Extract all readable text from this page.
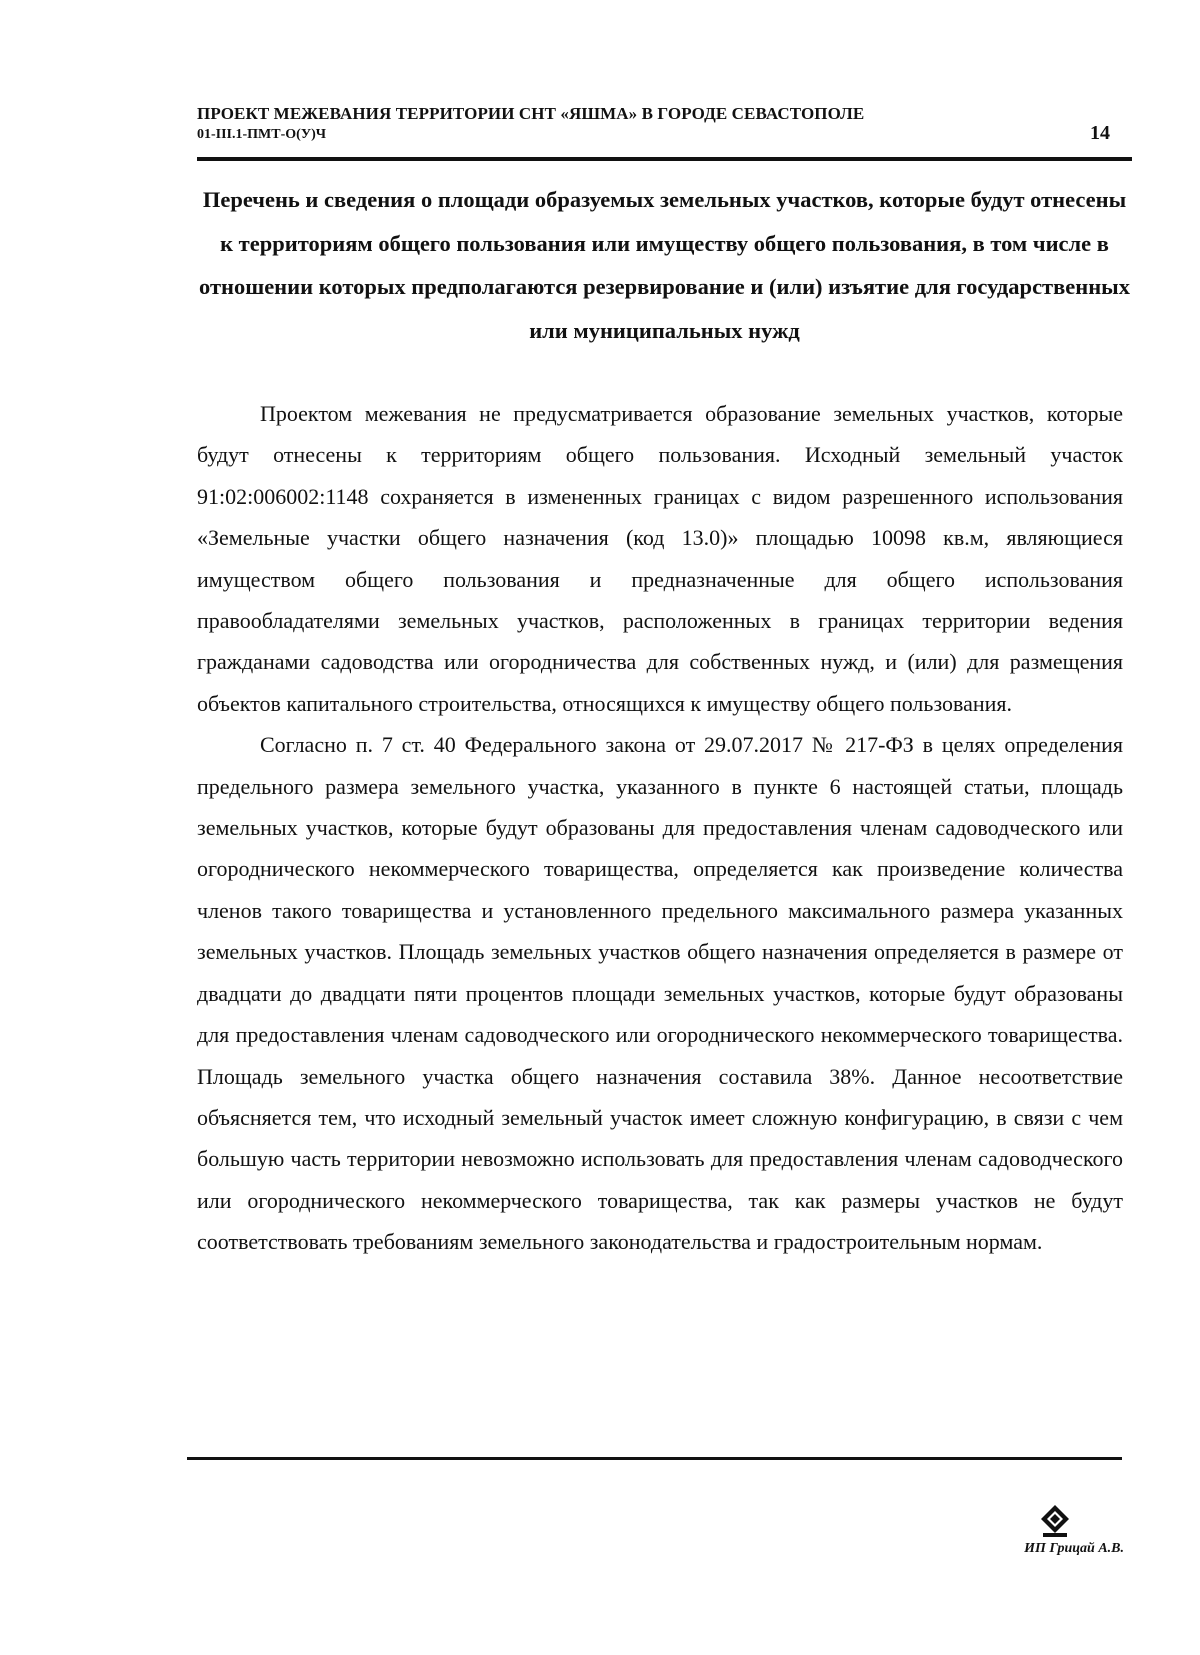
ПРОЕКТ МЕЖЕВАНИЯ ТЕРРИТОРИИ СНТ «ЯШМА» В ГОРОДЕ СЕВАСТОПОЛЕ
01-III.1-ПМТ-О(У)Ч	14
Перечень и сведения о площади образуемых земельных участков, которые будут отнесены к территориям общего пользования или имуществу общего пользования, в том числе в отношении которых предполагаются резервирование и (или) изъятие для государственных или муниципальных нужд

Проектом межевания не предусматривается образование земельных участков, которые будут отнесены к территориям общего пользования. Исходный земельный участок 91:02:006002:1148 сохраняется в измененных границах с видом разрешенного использования «Земельные участки общего назначения (код 13.0)» площадью 10098 кв.м, являющиеся имуществом общего пользования и предназначенные для общего использования правообладателями земельных участков, расположенных в границах территории ведения гражданами садоводства или огородничества для собственных нужд, и (или) для размещения объектов капитального строительства, относящихся к имуществу общего пользования.

Согласно п. 7 ст. 40 Федерального закона от 29.07.2017 № 217-ФЗ в целях определения предельного размера земельного участка, указанного в пункте 6 настоящей статьи, площадь земельных участков, которые будут образованы для предоставления членам садоводческого или огороднического некоммерческого товарищества, определяется как произведение количества членов такого товарищества и установленного предельного максимального размера указанных земельных участков. Площадь земельных участков общего назначения определяется в размере от двадцати до двадцати пяти процентов площади земельных участков, которые будут образованы для предоставления членам садоводческого или огороднического некоммерческого товарищества. Площадь земельного участка общего назначения составила 38%. Данное несоответствие объясняется тем, что исходный земельный участок имеет сложную конфигурацию, в связи с чем большую часть территории невозможно использовать для предоставления членам садоводческого или огороднического некоммерческого товарищества, так как размеры участков не будут соответствовать требованиям земельного законодательства и градостроительным нормам.

ИП Грицай А.В.
